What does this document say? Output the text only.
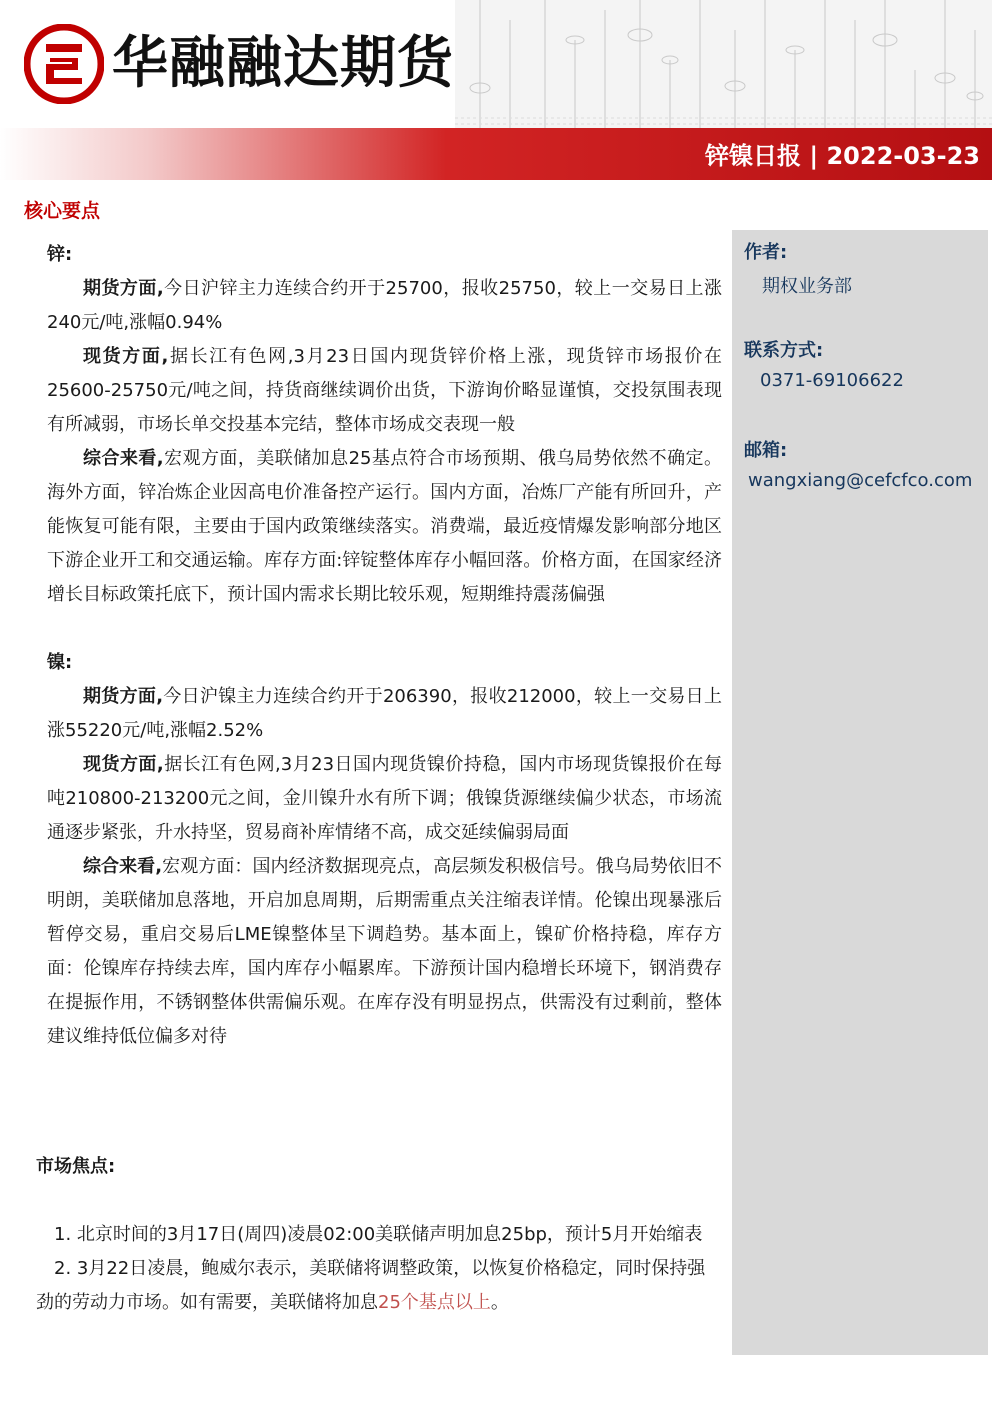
华融融达期货
锌镍日报 | 2022-03-23
核心要点
作者:
期权业务部
联系方式:
0371-69106622
邮箱:
wangxiang@cefcfco.com

锌:

期货方面,今日沪锌主力连续合约开于25700，报收25750，较上一交易日上涨240元/吨,涨幅0.94%

现货方面,据长江有色网,3月23日国内现货锌价格上涨，现货锌市场报价在25600-25750元/吨之间，持货商继续调价出货，下游询价略显谨慎，交投氛围表现有所减弱，市场长单交投基本完结，整体市场成交表现一般

综合来看,宏观方面，美联储加息25基点符合市场预期、俄乌局势依然不确定。海外方面，锌冶炼企业因高电价准备控产运行。国内方面，冶炼厂产能有所回升，产能恢复可能有限，主要由于国内政策继续落实。消费端，最近疫情爆发影响部分地区下游企业开工和交通运输。库存方面:锌锭整体库存小幅回落。价格方面，在国家经济增长目标政策托底下，预计国内需求长期比较乐观，短期维持震荡偏强

镍:

期货方面,今日沪镍主力连续合约开于206390，报收212000，较上一交易日上涨55220元/吨,涨幅2.52%

现货方面,据长江有色网,3月23日国内现货镍价持稳，国内市场现货镍报价在每吨210800-213200元之间，金川镍升水有所下调；俄镍货源继续偏少状态，市场流通逐步紧张，升水持坚，贸易商补库情绪不高，成交延续偏弱局面

综合来看,宏观方面：国内经济数据现亮点，高层频发积极信号。俄乌局势依旧不明朗，美联储加息落地，开启加息周期，后期需重点关注缩表详情。伦镍出现暴涨后暂停交易，重启交易后LME镍整体呈下调趋势。基本面上，镍矿价格持稳，库存方面：伦镍库存持续去库，国内库存小幅累库。下游预计国内稳增长环境下，钢消费存在提振作用，不锈钢整体供需偏乐观。在库存没有明显拐点，供需没有过剩前，整体建议维持低位偏多对待

市场焦点:

1. 北京时间的3月17日(周四)凌晨02:00美联储声明加息25bp，预计5月开始缩表

2. 3月22日凌晨，鲍威尔表示，美联储将调整政策，以恢复价格稳定，同时保持强劲的劳动力市场。如有需要，美联储将加息25个基点以上。
